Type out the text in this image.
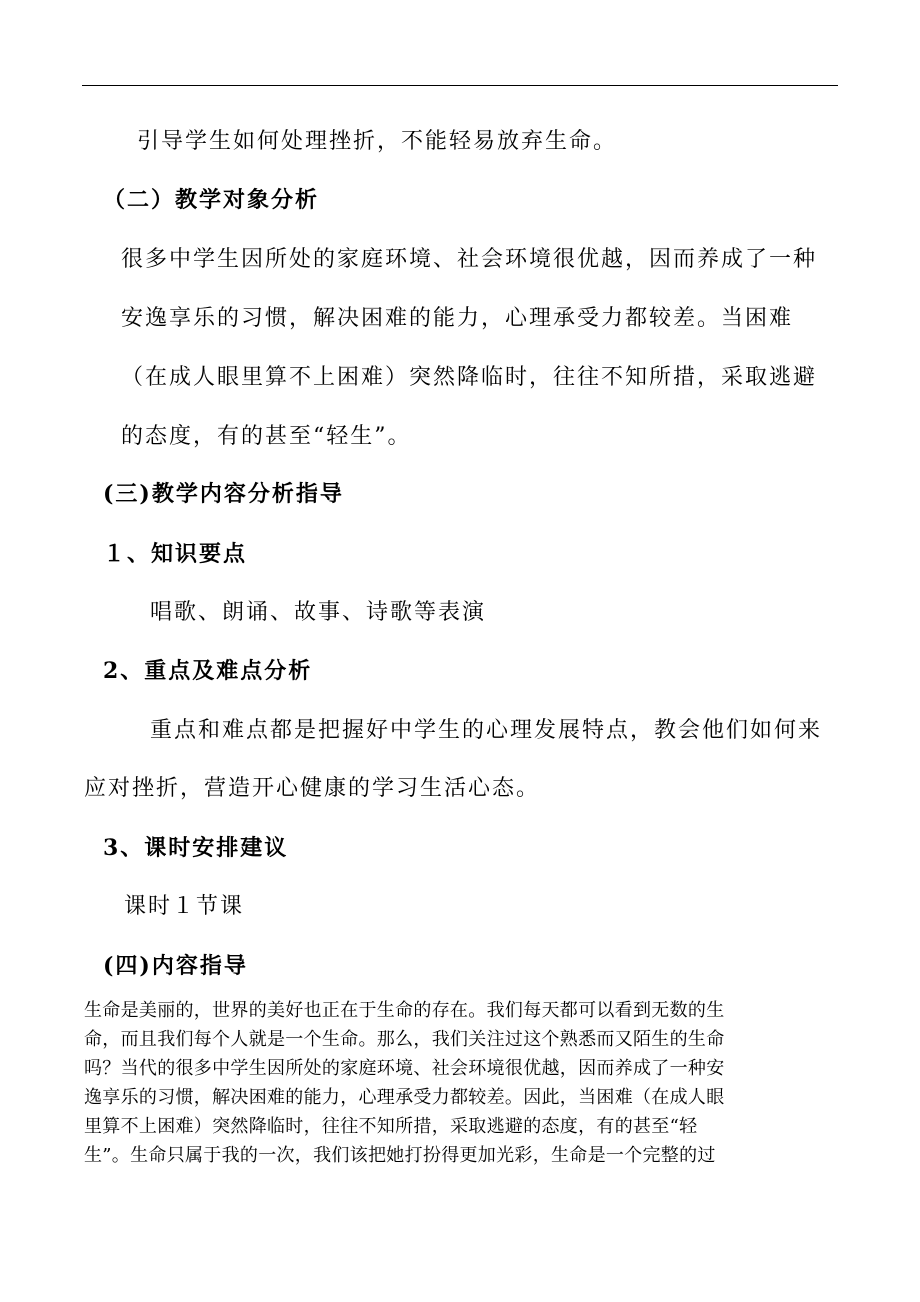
引导学生如何处理挫折，不能轻易放弃生命。
（二）教学对象分析
很多中学生因所处的家庭环境、社会环境很优越，因而养成了一种
安逸享乐的习惯，解决困难的能力，心理承受力都较差。当困难
（在成人眼里算不上困难）突然降临时，往往不知所措，采取逃避
的态度，有的甚至“轻生”。
(三)教学内容分析指导
１、知识要点
唱歌、朗诵、故事、诗歌等表演
2、重点及难点分析
重点和难点都是把握好中学生的心理发展特点，教会他们如何来
应对挫折，营造开心健康的学习生活心态。
3、课时安排建议
课时１节课
(四)内容指导
生命是美丽的，世界的美好也正在于生命的存在。我们每天都可以看到无数的生
命，而且我们每个人就是一个生命。那么，我们关注过这个熟悉而又陌生的生命
吗？当代的很多中学生因所处的家庭环境、社会环境很优越，因而养成了一种安
逸享乐的习惯，解决困难的能力，心理承受力都较差。因此，当困难（在成人眼
里算不上困难）突然降临时，往往不知所措，采取逃避的态度，有的甚至“轻
生”。生命只属于我的一次，我们该把她打扮得更加光彩，生命是一个完整的过
